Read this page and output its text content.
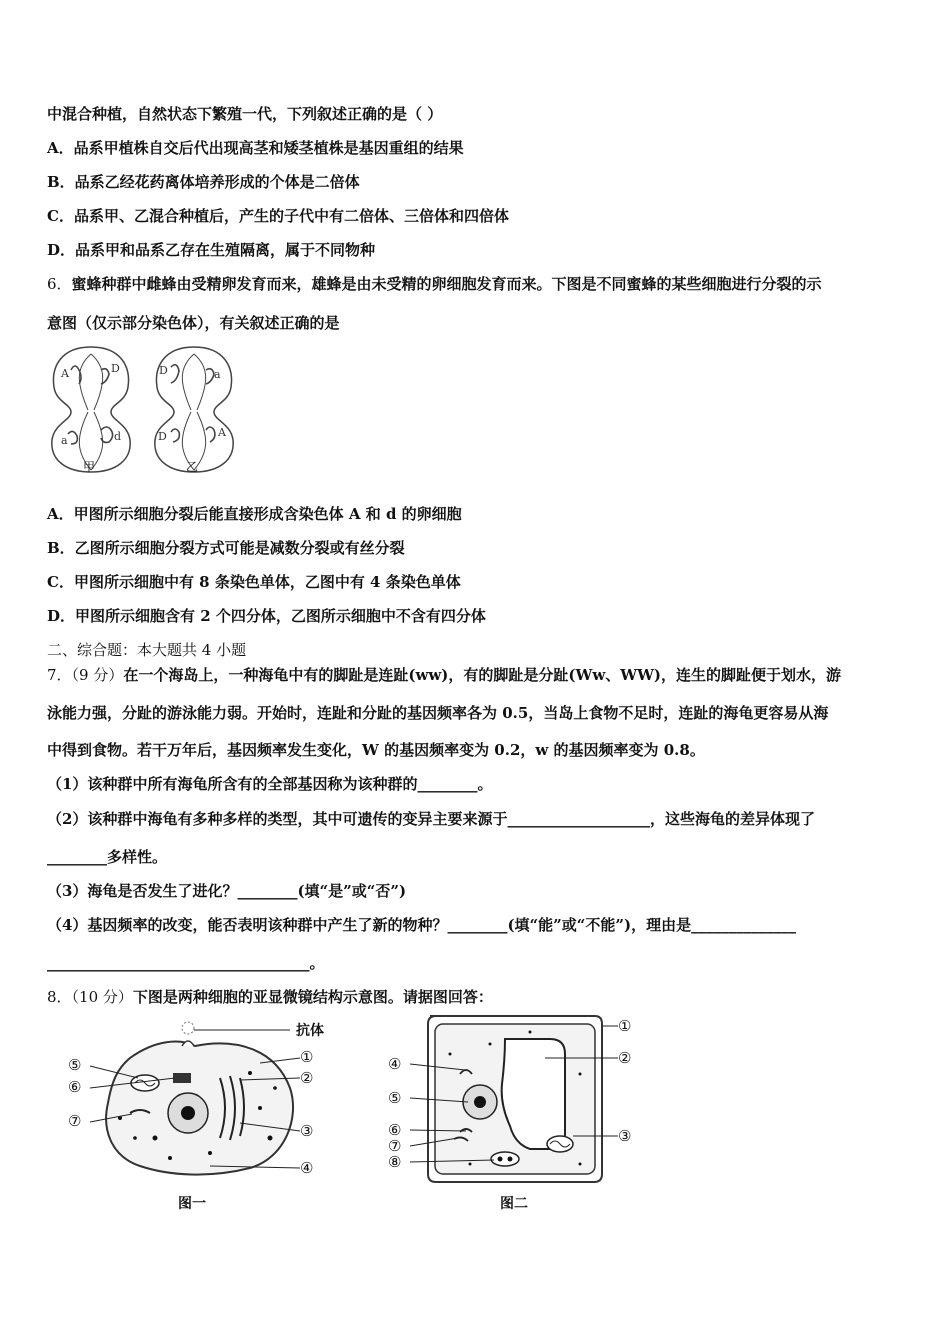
中混合种植，自然状态下繁殖一代，下列叙述正确的是（ ）
A．品系甲植株自交后代出现高茎和矮茎植株是基因重组的结果
B．品系乙经花药离体培养形成的个体是二倍体
C．品系甲、乙混合种植后，产生的子代中有二倍体、三倍体和四倍体
D．品系甲和品系乙存在生殖隔离，属于不同物种
6．蜜蜂种群中雌蜂由受精卵发育而来，雄蜂是由未受精的卵细胞发育而来。下图是不同蜜蜂的某些细胞进行分裂的示
意图（仅示部分染色体），有关叙述正确的是
A	D
a	d
D	a
D	A
甲	乙
A．甲图所示细胞分裂后能直接形成含染色体 A 和 d 的卵细胞
B．乙图所示细胞分裂方式可能是减数分裂或有丝分裂
C．甲图所示细胞中有 8 条染色单体，乙图中有 4 条染色单体
D．甲图所示细胞含有 2 个四分体，乙图所示细胞中不含有四分体
二、综合题：本大题共 4 小题
7．（9 分）在一个海岛上，一种海龟中有的脚趾是连趾(ww)，有的脚趾是分趾(Ww、WW)，连生的脚趾便于划水，游
泳能力强，分趾的游泳能力弱。开始时，连趾和分趾的基因频率各为 0.5，当岛上食物不足时，连趾的海龟更容易从海
中得到食物。若干万年后，基因频率发生变化，W 的基因频率变为 0.2，w 的基因频率变为 0.8。
（1）该种群中所有海龟所含有的全部基因称为该种群的________。
（2）该种群中海龟有多种多样的类型，其中可遗传的变异主要来源于___________________，这些海龟的差异体现了
________多样性。
（3）海龟是否发生了进化？________(填“是”或“否”)
（4）基因频率的改变，能否表明该种群中产生了新的物种？________(填“能”或“不能”)，理由是______________
___________________________________。
8．（10 分）下图是两种细胞的亚显微镜结构示意图。请据图回答：
抗体
①
②
③
④
⑤
⑥
⑦
图一
①
②
③
④
⑤
⑥
⑦
⑧
图二
